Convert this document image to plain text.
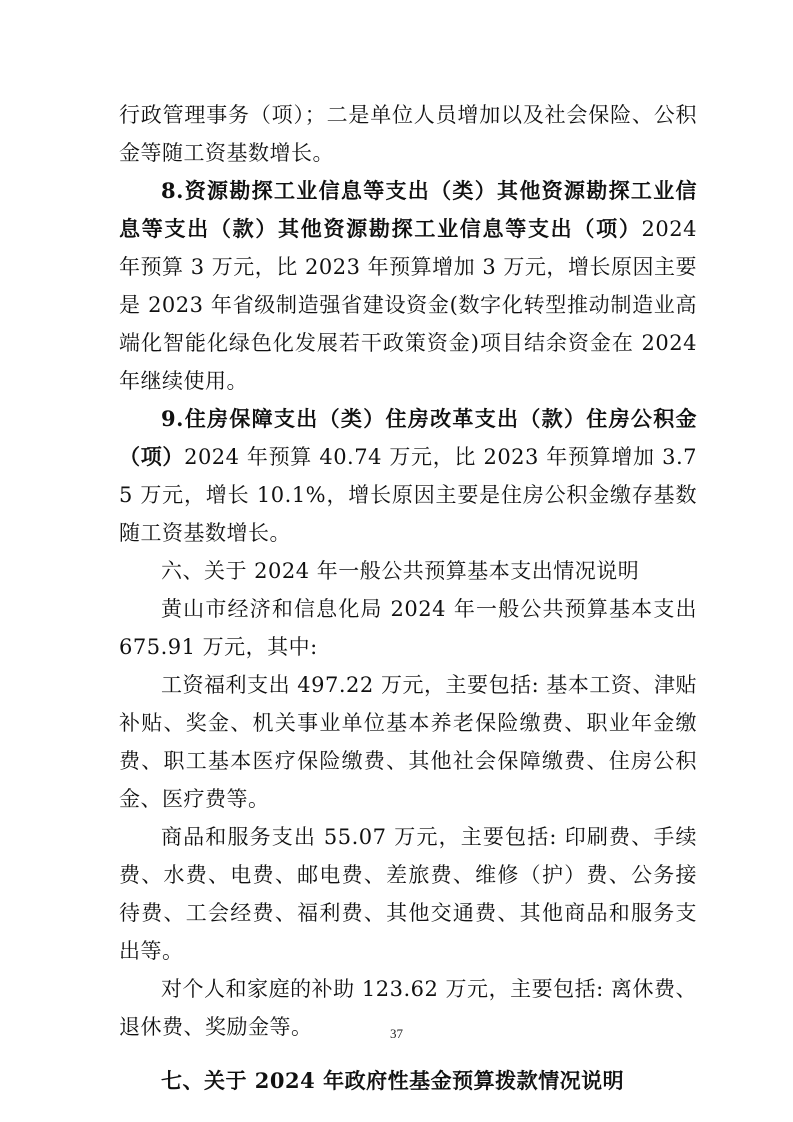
行政管理事务（项）；二是单位人员增加以及社会保险、公积金等随工资基数增长。

8.资源勘探工业信息等支出（类）其他资源勘探工业信息等支出（款）其他资源勘探工业信息等支出（项）2024 年预算 3 万元，比 2023 年预算增加 3 万元，增长原因主要是 2023 年省级制造强省建设资金(数字化转型推动制造业高端化智能化绿色化发展若干政策资金)项目结余资金在 2024 年继续使用。

9.住房保障支出（类）住房改革支出（款）住房公积金（项）2024 年预算 40.74 万元，比 2023 年预算增加 3.75 万元，增长 10.1%，增长原因主要是住房公积金缴存基数随工资基数增长。

六、关于 2024 年一般公共预算基本支出情况说明

黄山市经济和信息化局 2024 年一般公共预算基本支出 675.91 万元，其中:

工资福利支出 497.22 万元，主要包括: 基本工资、津贴补贴、奖金、机关事业单位基本养老保险缴费、职业年金缴费、职工基本医疗保险缴费、其他社会保障缴费、住房公积金、医疗费等。

商品和服务支出 55.07 万元，主要包括: 印刷费、手续费、水费、电费、邮电费、差旅费、维修（护）费、公务接待费、工会经费、福利费、其他交通费、其他商品和服务支出等。

对个人和家庭的补助 123.62 万元，主要包括: 离休费、退休费、奖励金等。

七、关于 2024 年政府性基金预算拨款情况说明

37
